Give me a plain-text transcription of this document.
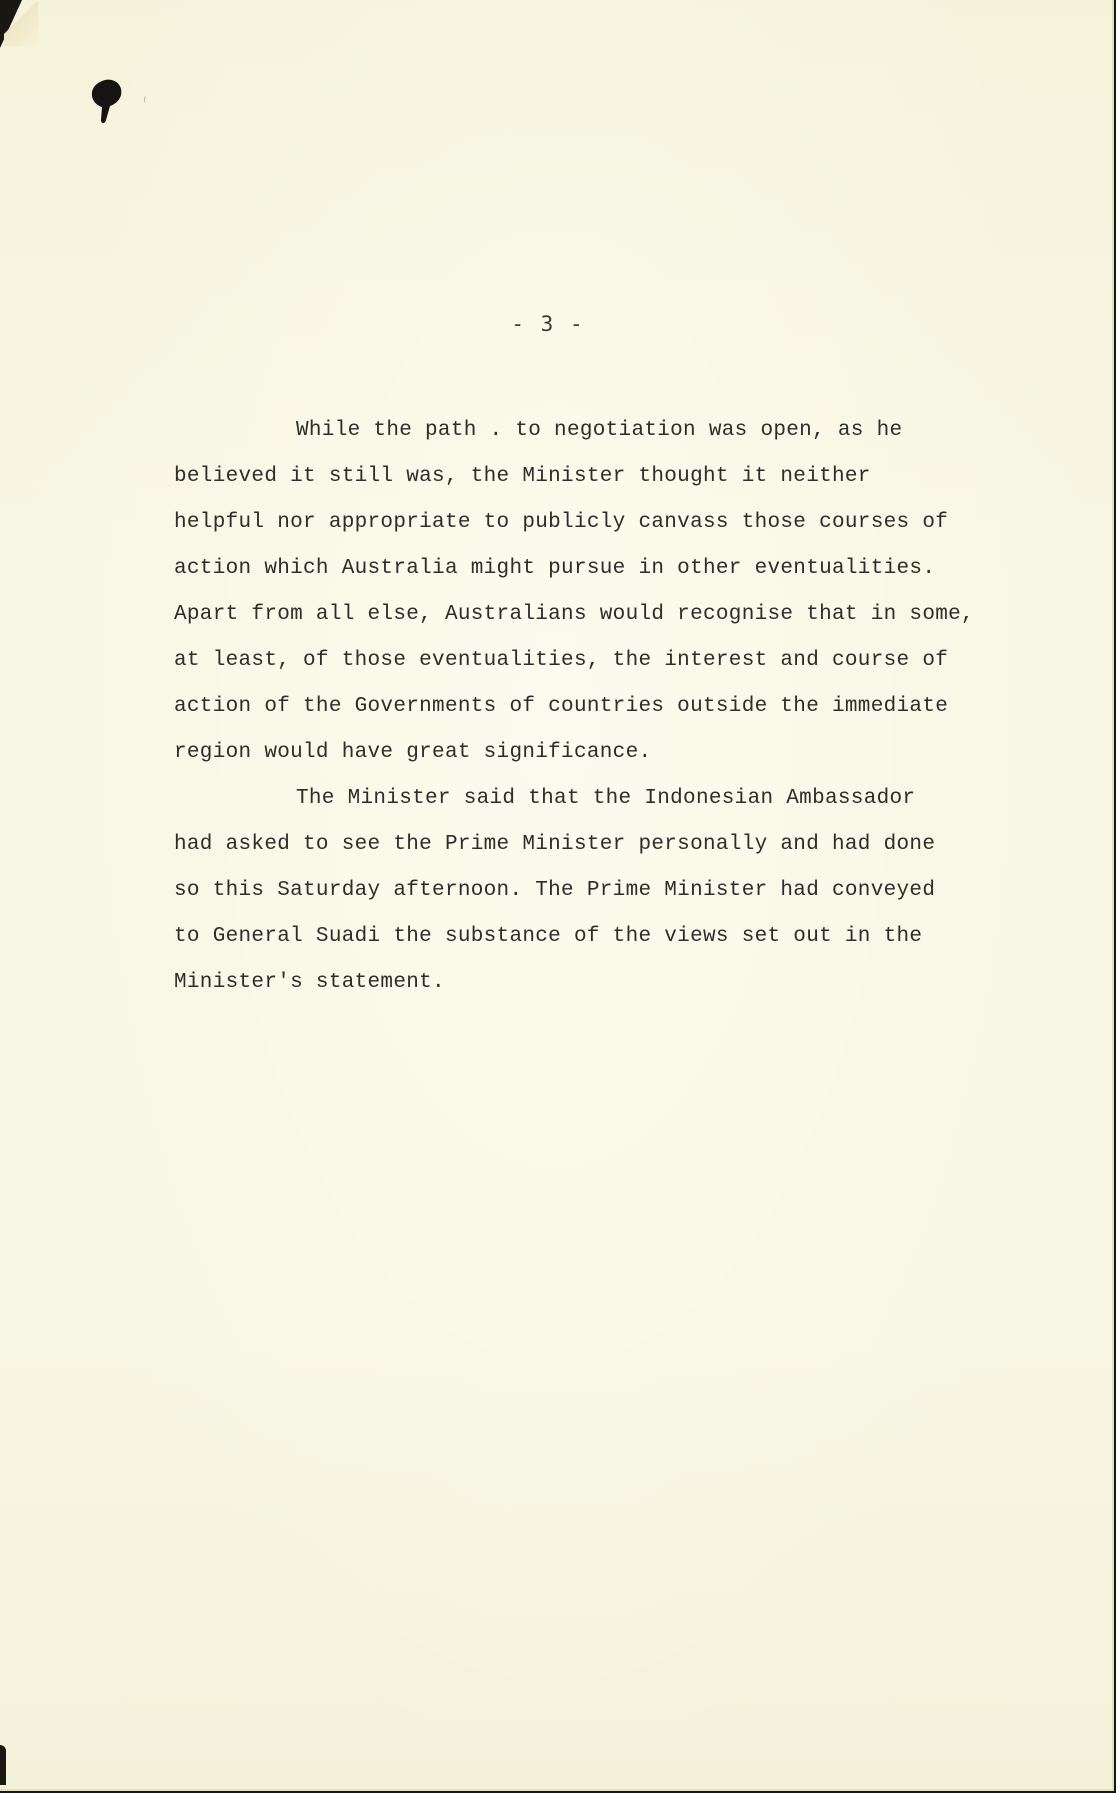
- 3 -
While the path . to negotiation was open, as he
believed it still was, the Minister thought it neither
helpful nor appropriate to publicly canvass those courses of
action which Australia might pursue in other eventualities.
Apart from all else, Australians would recognise that in some,
at least, of those eventualities, the interest and course of
action of the Governments of countries outside the immediate
region would have great significance.
The Minister said that the Indonesian Ambassador
had asked to see the Prime Minister personally and had done
so this Saturday afternoon. The Prime Minister had conveyed
to General Suadi the substance of the views set out in the
Minister's statement.
